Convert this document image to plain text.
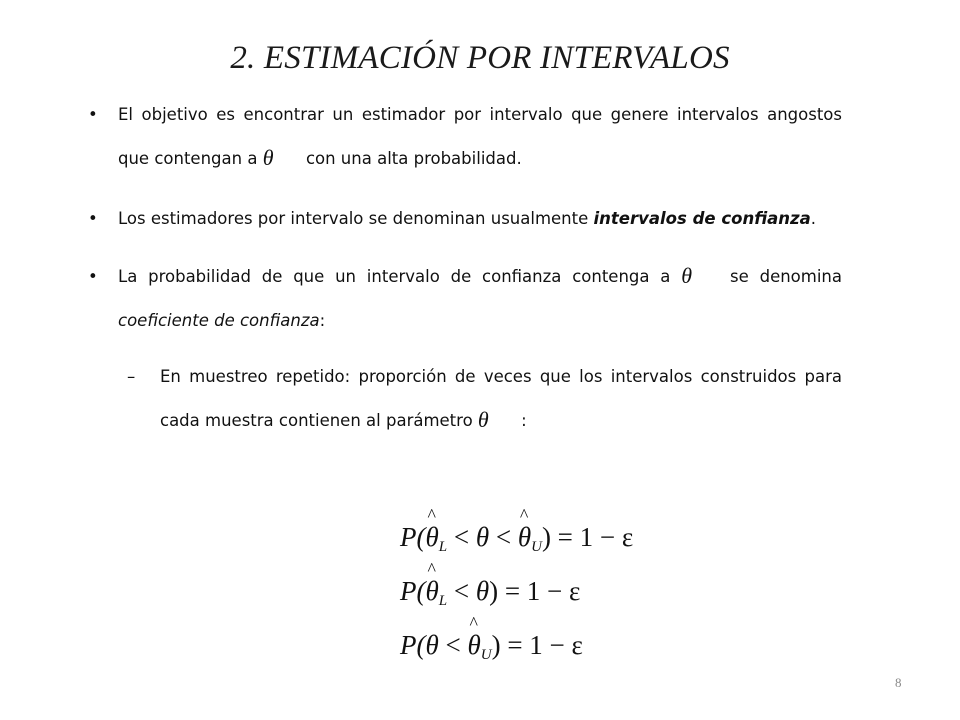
2. ESTIMACIÓN POR INTERVALOS
•	El objetivo es encontrar un estimador por intervalo que genere intervalos angostos que contengan a θ con una alta probabilidad.
•	Los estimadores por intervalo se denominan usualmente intervalos de confianza.
•	La probabilidad de que un intervalo de confianza contenga a θ se denomina coeficiente de confianza:
– En muestreo repetido: proporción de veces que los intervalos construidos para cada muestra contienen al parámetro θ :
P(^ $\theta_L < \theta$ < ^ $\theta_U) = 1 - \varepsilon$
P(^ $\theta_L < \theta) = 1 - \varepsilon$
P(θ < ^ $\theta_U) = 1 - \varepsilon$
8
